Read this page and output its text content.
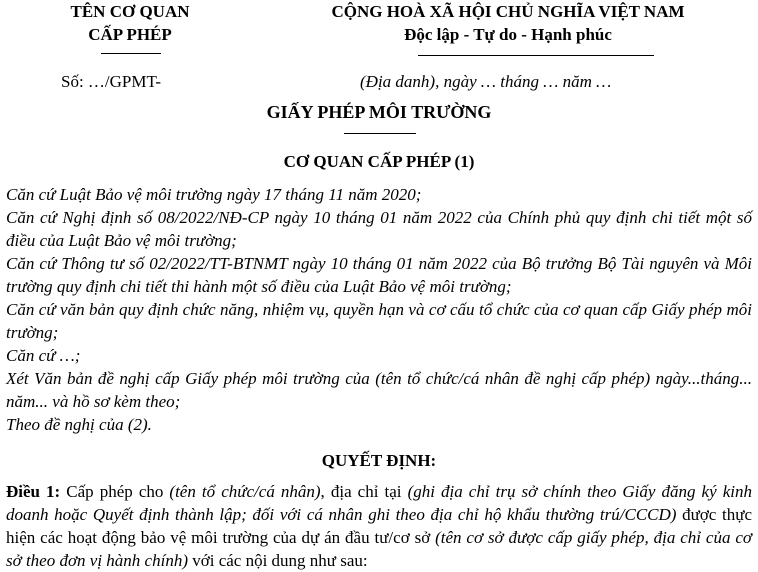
TÊN CƠ QUAN
CẤP PHÉP
CỘNG HOÀ XÃ HỘI CHỦ NGHĨA VIỆT NAM
Độc lập - Tự do - Hạnh phúc
Số: …/GPMT-	(Địa danh), ngày … tháng … năm …
GIẤY PHÉP MÔI TRƯỜNG
CƠ QUAN CẤP PHÉP (1)

Căn cứ Luật Bảo vệ môi trường ngày 17 tháng 11 năm 2020;

Căn cứ Nghị định số 08/2022/NĐ-CP ngày 10 tháng 01 năm 2022 của Chính phủ quy định chi tiết một số điều của Luật Bảo vệ môi trường;

Căn cứ Thông tư số 02/2022/TT-BTNMT ngày 10 tháng 01 năm 2022 của Bộ trưởng Bộ Tài nguyên và Môi trường quy định chi tiết thi hành một số điều của Luật Bảo vệ môi trường;

Căn cứ văn bản quy định chức năng, nhiệm vụ, quyền hạn và cơ cấu tổ chức của cơ quan cấp Giấy phép môi trường;

Căn cứ …;

Xét Văn bản đề nghị cấp Giấy phép môi trường của (tên tổ chức/cá nhân đề nghị cấp phép) ngày...tháng... năm... và hồ sơ kèm theo;

Theo đề nghị của (2).

QUYẾT ĐỊNH:

Điều 1: Cấp phép cho (tên tổ chức/cá nhân), địa chỉ tại (ghi địa chỉ trụ sở chính theo Giấy đăng ký kinh doanh hoặc Quyết định thành lập; đối với cá nhân ghi theo địa chỉ hộ khẩu thường trú/CCCD) được thực hiện các hoạt động bảo vệ môi trường của dự án đầu tư/cơ sở (tên cơ sở được cấp giấy phép, địa chỉ của cơ sở theo đơn vị hành chính) với các nội dung như sau:
